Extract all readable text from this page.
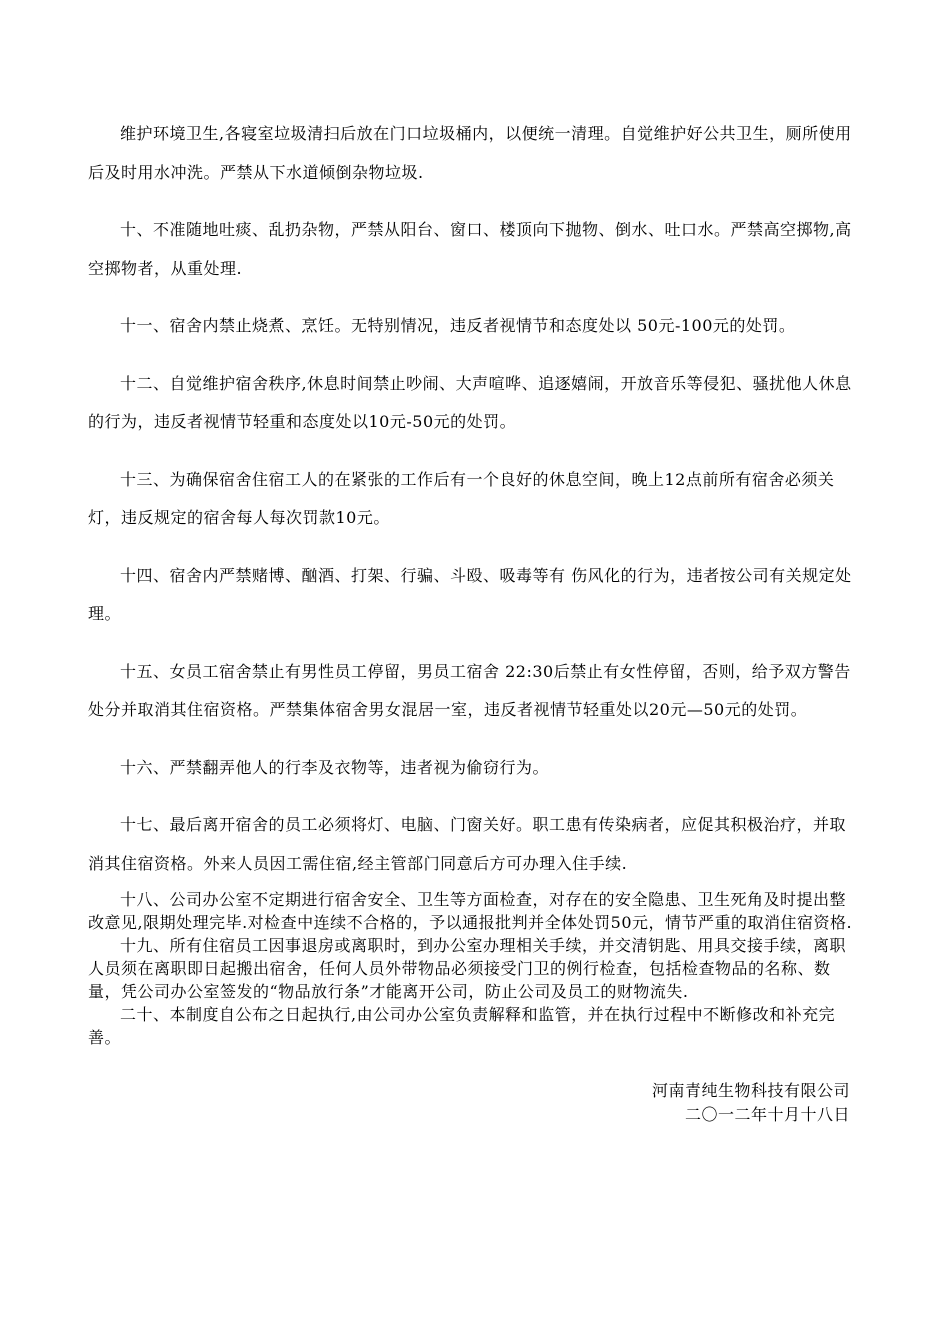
维护环境卫生,各寝室垃圾清扫后放在门口垃圾桶内，以便统一清理。自觉维护好公共卫生，厕所使用后及时用水冲洗。严禁从下水道倾倒杂物垃圾.

十、不准随地吐痰、乱扔杂物，严禁从阳台、窗口、楼顶向下抛物、倒水、吐口水。严禁高空掷物,高空掷物者，从重处理.

十一、宿舍内禁止烧煮、烹饪。无特别情况，违反者视情节和态度处以 50元-100元的处罚。

十二、自觉维护宿舍秩序,休息时间禁止吵闹、大声喧哗、追逐嬉闹，开放音乐等侵犯、骚扰他人休息的行为，违反者视情节轻重和态度处以10元-50元的处罚。

十三、为确保宿舍住宿工人的在紧张的工作后有一个良好的休息空间，晚上12点前所有宿舍必须关灯，违反规定的宿舍每人每次罚款10元。

十四、宿舍内严禁赌博、酗酒、打架、行骗、斗殴、吸毒等有 伤风化的行为，违者按公司有关规定处理。

十五、女员工宿舍禁止有男性员工停留，男员工宿舍 22:30后禁止有女性停留，否则，给予双方警告处分并取消其住宿资格。严禁集体宿舍男女混居一室，违反者视情节轻重处以20元—50元的处罚。

十六、严禁翻弄他人的行李及衣物等，违者视为偷窃行为。

十七、最后离开宿舍的员工必须将灯、电脑、门窗关好。职工患有传染病者，应促其积极治疗，并取消其住宿资格。外来人员因工需住宿,经主管部门同意后方可办理入住手续.

十八、公司办公室不定期进行宿舍安全、卫生等方面检查，对存在的安全隐患、卫生死角及时提出整改意见,限期处理完毕.对检查中连续不合格的，予以通报批判并全体处罚50元，情节严重的取消住宿资格.

十九、所有住宿员工因事退房或离职时，到办公室办理相关手续，并交清钥匙、用具交接手续，离职人员须在离职即日起搬出宿舍，任何人员外带物品必须接受门卫的例行检查，包括检查物品的名称、数量，凭公司办公室签发的“物品放行条”才能离开公司，防止公司及员工的财物流失.

二十、本制度自公布之日起执行,由公司办公室负责解释和监管，并在执行过程中不断修改和补充完善。

河南青纯生物科技有限公司
二〇一二年十月十八日
